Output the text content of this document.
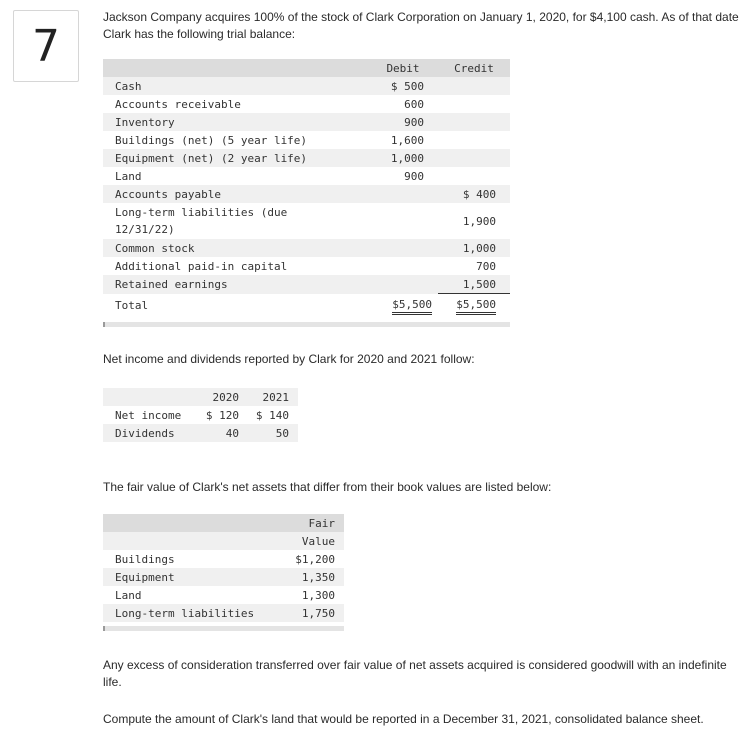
7
Jackson Company acquires 100% of the stock of Clark Corporation on January 1, 2020, for $4,100 cash. As of that date Clark has the following trial balance:
	Debit	Credit
Cash	$ 500	
Accounts receivable	600	
Inventory	900	
Buildings (net) (5 year life)	1,600	
Equipment (net) (2 year life)	1,000	
Land	900	
Accounts payable		$ 400

Long-term liabilities (due 12/31/22)		1,900
Common stock		1,000
Additional paid-in capital		700
Retained earnings		1,500
Total	$5,500	$5,500
Net income and dividends reported by Clark for 2020 and 2021 follow:
	2020	2021
Net income	$ 120	$ 140
Dividends	40	50
The fair value of Clark's net assets that differ from their book values are listed below:
	Fair
	Value
Buildings	$1,200
Equipment	1,350
Land	1,300
Long-term liabilities	1,750
Any excess of consideration transferred over fair value of net assets acquired is considered goodwill with an indefinite life.
Compute the amount of Clark's land that would be reported in a December 31, 2021, consolidated balance sheet.
